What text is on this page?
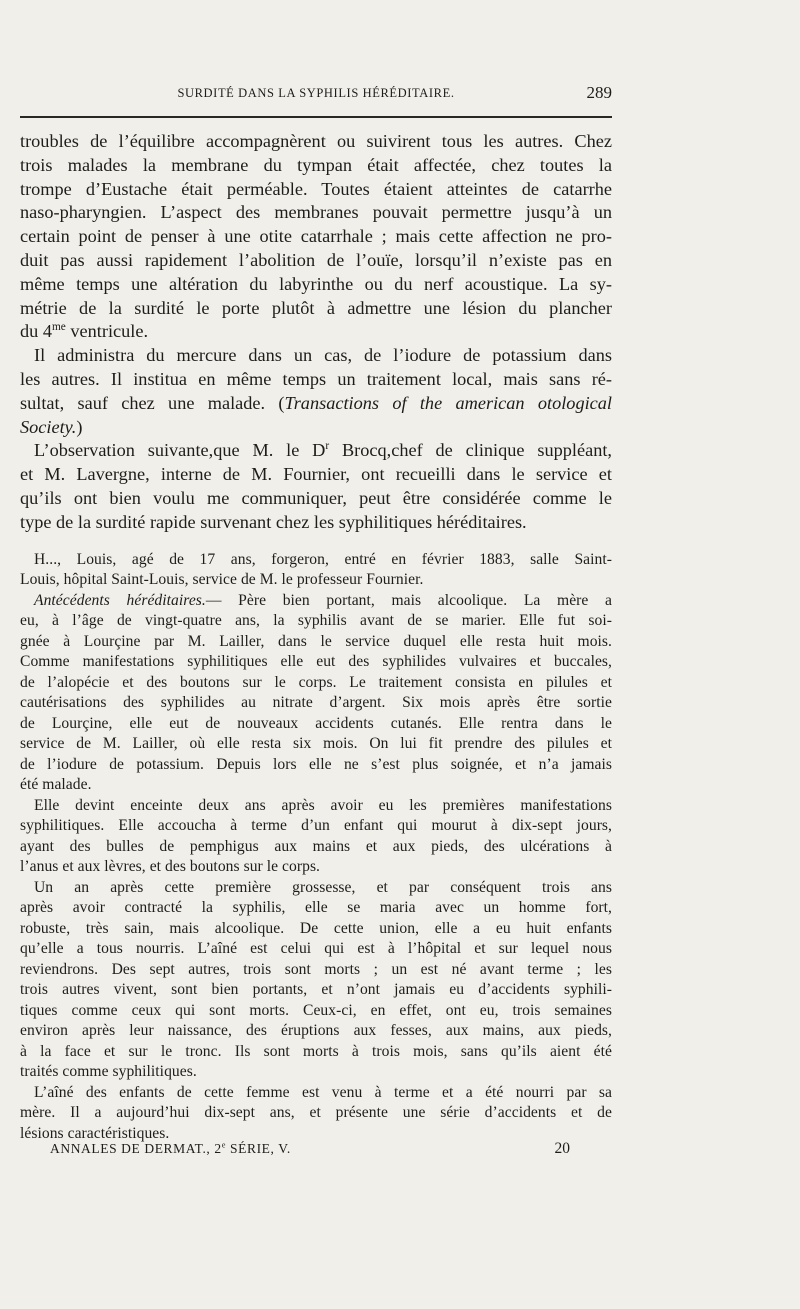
SURDITÉ DANS LA SYPHILIS HÉRÉDITAIRE.	289

troubles de l’équilibre accompagnèrent ou suivirent tous les autres. Chez

trois malades la membrane du tympan était affectée, chez toutes la

trompe d’Eustache était perméable. Toutes étaient atteintes de catarrhe

naso-pharyngien. L’aspect des membranes pouvait permettre jusqu’à un

certain point de penser à une otite catarrhale ; mais cette affection ne pro-

duit pas aussi rapidement l’abolition de l’ouïe, lorsqu’il n’existe pas en

même temps une altération du labyrinthe ou du nerf acoustique. La sy-

métrie de la surdité le porte plutôt à admettre une lésion du plancher

du $4^{me}$ ventricule.

Il administra du mercure dans un cas, de l’iodure de potassium dans

les autres. Il institua en même temps un traitement local, mais sans ré-

sultat, sauf chez une malade. (Transactions of the american otological

Society.)

L’observation suivante,que M. le $D^r$ Brocq,chef de clinique suppléant,

et M. Lavergne, interne de M. Fournier, ont recueilli dans le service et

qu’ils ont bien voulu me communiquer, peut être considérée comme le

type de la surdité rapide survenant chez les syphilitiques héréditaires.

H..., Louis, agé de 17 ans, forgeron, entré en février 1883, salle Saint-

Louis, hôpital Saint-Louis, service de M. le professeur Fournier.

Antécédents héréditaires.— Père bien portant, mais alcoolique. La mère a

eu, à l’âge de vingt-quatre ans, la syphilis avant de se marier. Elle fut soi-

gnée à Lourçine par M. Lailler, dans le service duquel elle resta huit mois.

Comme manifestations syphilitiques elle eut des syphilides vulvaires et buccales,

de l’alopécie et des boutons sur le corps. Le traitement consista en pilules et

cautérisations des syphilides au nitrate d’argent. Six mois après être sortie

de Lourçine, elle eut de nouveaux accidents cutanés. Elle rentra dans le

service de M. Lailler, où elle resta six mois. On lui fit prendre des pilules et

de l’iodure de potassium. Depuis lors elle ne s’est plus soignée, et n’a jamais

été malade.

Elle devint enceinte deux ans après avoir eu les premières manifestations

syphilitiques. Elle accoucha à terme d’un enfant qui mourut à dix-sept jours,

ayant des bulles de pemphigus aux mains et aux pieds, des ulcérations à

l’anus et aux lèvres, et des boutons sur le corps.

Un an après cette première grossesse, et par conséquent trois ans

après avoir contracté la syphilis, elle se maria avec un homme fort,

robuste, très sain, mais alcoolique. De cette union, elle a eu huit enfants

qu’elle a tous nourris. L’aîné est celui qui est à l’hôpital et sur lequel nous

reviendrons. Des sept autres, trois sont morts ; un est né avant terme ; les

trois autres vivent, sont bien portants, et n’ont jamais eu d’accidents syphili-

tiques comme ceux qui sont morts. Ceux-ci, en effet, ont eu, trois semaines

environ après leur naissance, des éruptions aux fesses, aux mains, aux pieds,

à la face et sur le tronc. Ils sont morts à trois mois, sans qu’ils aient été

traités comme syphilitiques.

L’aîné des enfants de cette femme est venu à terme et a été nourri par sa

mère. Il a aujourd’hui dix-sept ans, et présente une série d’accidents et de

lésions caractéristiques.

ANNALES DE DERMAT., 2e SÉRIE, V.	20
